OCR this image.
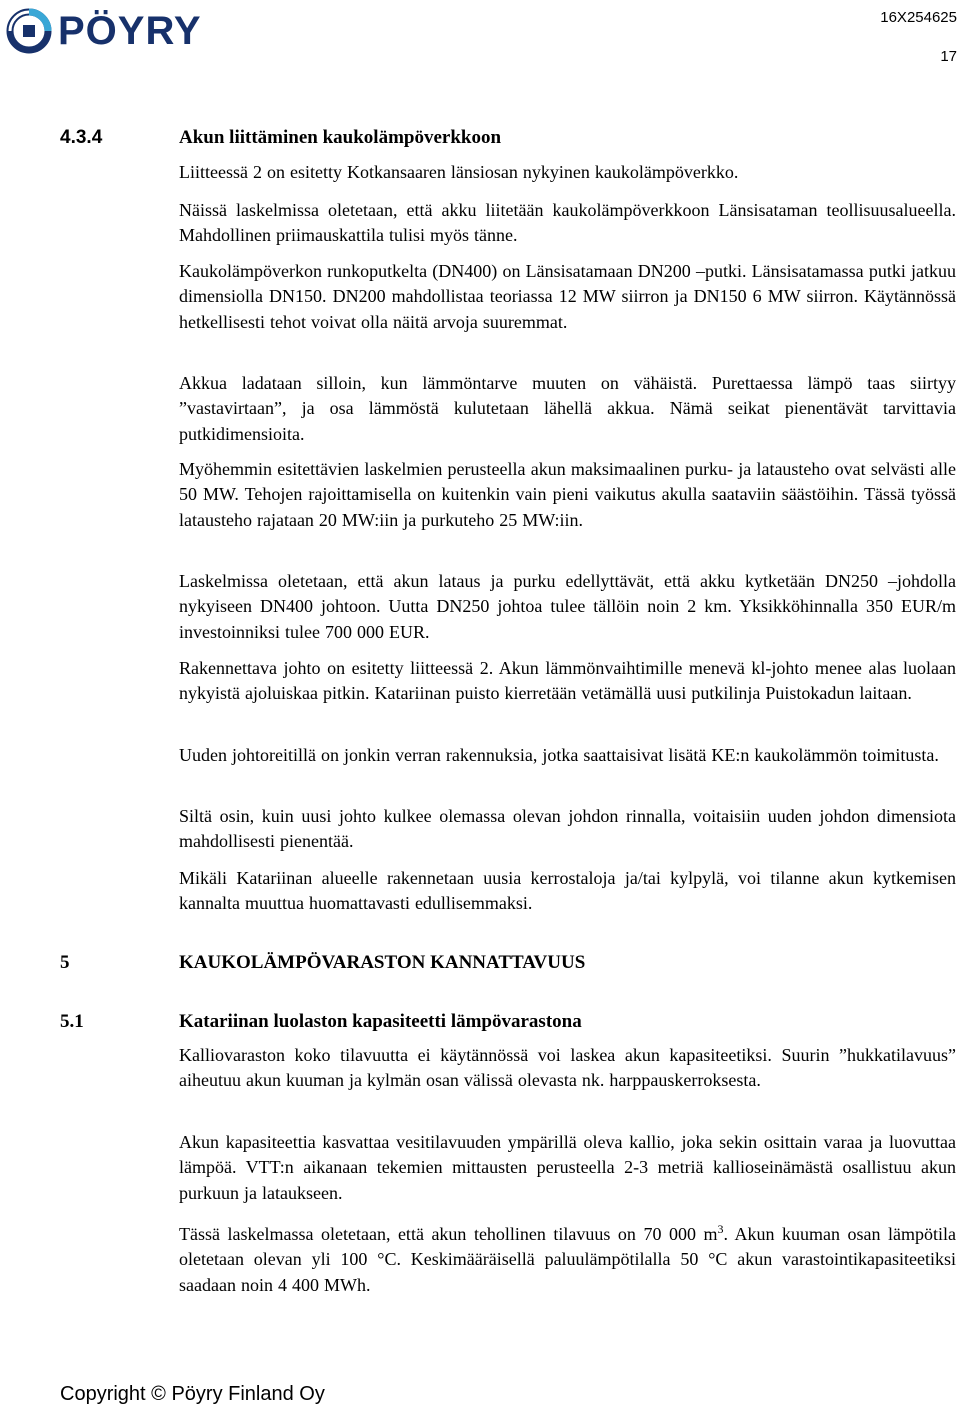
PÖYRY	16X254625
17
4.3.4	Akun liittäminen kaukolämpöverkkoon
Liitteessä 2 on esitetty Kotkansaaren länsiosan nykyinen kaukolämpöverkko.
Näissä laskelmissa oletetaan, että akku liitetään kaukolämpöverkkoon Länsisataman teollisuusalueella. Mahdollinen priimauskattila tulisi myös tänne.
Kaukolämpöverkon runkoputkelta (DN400) on Länsisatamaan DN200 –putki. Länsisatamassa putki jatkuu dimensiolla DN150. DN200 mahdollistaa teoriassa 12 MW siirron ja DN150 6 MW siirron. Käytännössä hetkellisesti tehot voivat olla näitä arvoja suuremmat.
Akkua ladataan silloin, kun lämmöntarve muuten on vähäistä. Purettaessa lämpö taas siirtyy ”vastavirtaan”, ja osa lämmöstä kulutetaan lähellä akkua. Nämä seikat pienentävät tarvittavia putkidimensioita.
Myöhemmin esitettävien laskelmien perusteella akun maksimaalinen purku- ja latausteho ovat selvästi alle 50 MW. Tehojen rajoittamisella on kuitenkin vain pieni vaikutus akulla saataviin säästöihin. Tässä työssä latausteho rajataan 20 MW:iin ja purkuteho 25 MW:iin.
Laskelmissa oletetaan, että akun lataus ja purku edellyttävät, että akku kytketään DN250 –johdolla nykyiseen DN400 johtoon. Uutta DN250 johtoa tulee tällöin noin 2 km. Yksikköhinnalla 350 EUR/m investoinniksi tulee 700 000 EUR.
Rakennettava johto on esitetty liitteessä 2. Akun lämmönvaihtimille menevä kl-johto menee alas luolaan nykyistä ajoluiskaa pitkin. Katariinan puisto kierretään vetämällä uusi putkilinja Puistokadun laitaan.
Uuden johtoreitillä on jonkin verran rakennuksia, jotka saattaisivat lisätä KE:n kaukolämmön toimitusta.
Siltä osin, kuin uusi johto kulkee olemassa olevan johdon rinnalla, voitaisiin uuden johdon dimensiota mahdollisesti pienentää.
Mikäli Katariinan alueelle rakennetaan uusia kerrostaloja ja/tai kylpylä, voi tilanne akun kytkemisen kannalta muuttua huomattavasti edullisemmaksi.
5	KAUKOLÄMPÖVARASTON KANNATTAVUUS
5.1	Katariinan luolaston kapasiteetti lämpövarastona
Kalliovaraston koko tilavuutta ei käytännössä voi laskea akun kapasiteetiksi. Suurin ”hukkatilavuus” aiheutuu akun kuuman ja kylmän osan välissä olevasta nk. harppauskerroksesta.
Akun kapasiteettia kasvattaa vesitilavuuden ympärillä oleva kallio, joka sekin osittain varaa ja luovuttaa lämpöä. VTT:n aikanaan tekemien mittausten perusteella 2-3 metriä kallioseinämästä osallistuu akun purkuun ja lataukseen.
Tässä laskelmassa oletetaan, että akun tehollinen tilavuus on 70 000 $m^3$. Akun kuuman osan lämpötila oletetaan olevan yli 100 °C. Keskimääräisellä paluulämpötilalla 50 °C akun varastointikapasiteetiksi saadaan noin 4 400 MWh.
Copyright © Pöyry Finland Oy
